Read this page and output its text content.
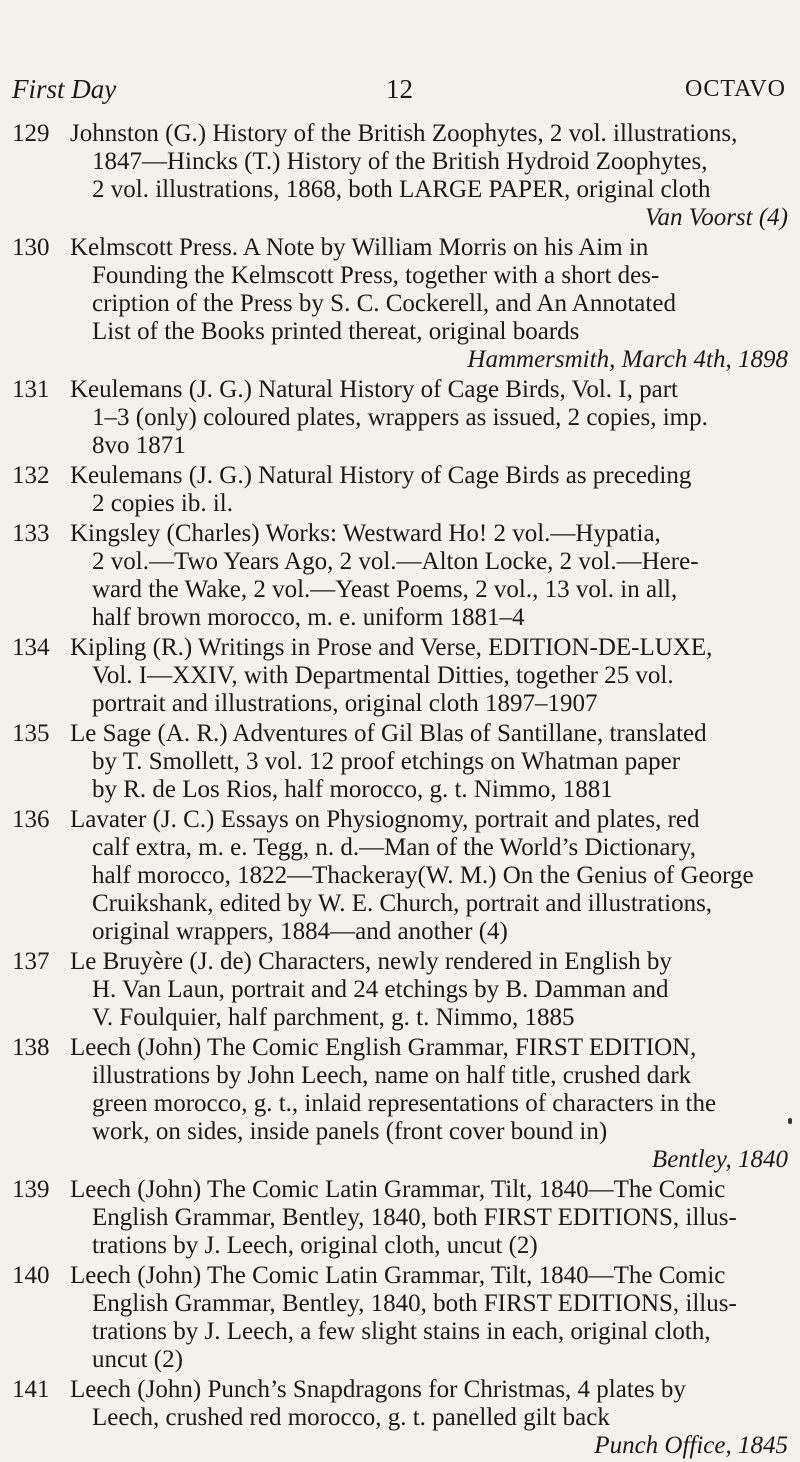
First Day	12	OCTAVO
129 Johnston (G.) History of the British Zoophytes, 2 vol. illustrations,
1847—Hincks (T.) History of the British Hydroid Zoophytes,
2 vol. illustrations, 1868, both LARGE PAPER, original cloth
Van Voorst (4)
130 Kelmscott Press. A Note by William Morris on his Aim in
Founding the Kelmscott Press, together with a short des-
cription of the Press by S. C. Cockerell, and An Annotated
List of the Books printed thereat, original boards
Hammersmith, March 4th, 1898
131 Keulemans (J. G.) Natural History of Cage Birds, Vol. I, part
1–3 (only) coloured plates, wrappers as issued, 2 copies, imp.
8vo 1871
132 Keulemans (J. G.) Natural History of Cage Birds as preceding
2 copies ib. il.
133 Kingsley (Charles) Works: Westward Ho! 2 vol.—Hypatia,
2 vol.—Two Years Ago, 2 vol.—Alton Locke, 2 vol.—Here-
ward the Wake, 2 vol.—Yeast Poems, 2 vol., 13 vol. in all,
half brown morocco, m. e. uniform 1881–4
134 Kipling (R.) Writings in Prose and Verse, EDITION-DE-LUXE,
Vol. I—XXIV, with Departmental Ditties, together 25 vol.
portrait and illustrations, original cloth 1897–1907
135 Le Sage (A. R.) Adventures of Gil Blas of Santillane, translated
by T. Smollett, 3 vol. 12 proof etchings on Whatman paper
by R. de Los Rios, half morocco, g. t. Nimmo, 1881
136 Lavater (J. C.) Essays on Physiognomy, portrait and plates, red
calf extra, m. e. Tegg, n. d.—Man of the World’s Dictionary,
half morocco, 1822—Thackeray(W. M.) On the Genius of George
Cruikshank, edited by W. E. Church, portrait and illustrations,
original wrappers, 1884—and another (4)
137 Le Bruyère (J. de) Characters, newly rendered in English by
H. Van Laun, portrait and 24 etchings by B. Damman and
V. Foulquier, half parchment, g. t. Nimmo, 1885
138 Leech (John) The Comic English Grammar, FIRST EDITION,
illustrations by John Leech, name on half title, crushed dark
green morocco, g. t., inlaid representations of characters in the
work, on sides, inside panels (front cover bound in)
Bentley, 1840
139 Leech (John) The Comic Latin Grammar, Tilt, 1840—The Comic
English Grammar, Bentley, 1840, both FIRST EDITIONS, illus-
trations by J. Leech, original cloth, uncut (2)
140 Leech (John) The Comic Latin Grammar, Tilt, 1840—The Comic
English Grammar, Bentley, 1840, both FIRST EDITIONS, illus-
trations by J. Leech, a few slight stains in each, original cloth,
uncut (2)
141 Leech (John) Punch’s Snapdragons for Christmas, 4 plates by
Leech, crushed red morocco, g. t. panelled gilt back
Punch Office, 1845
